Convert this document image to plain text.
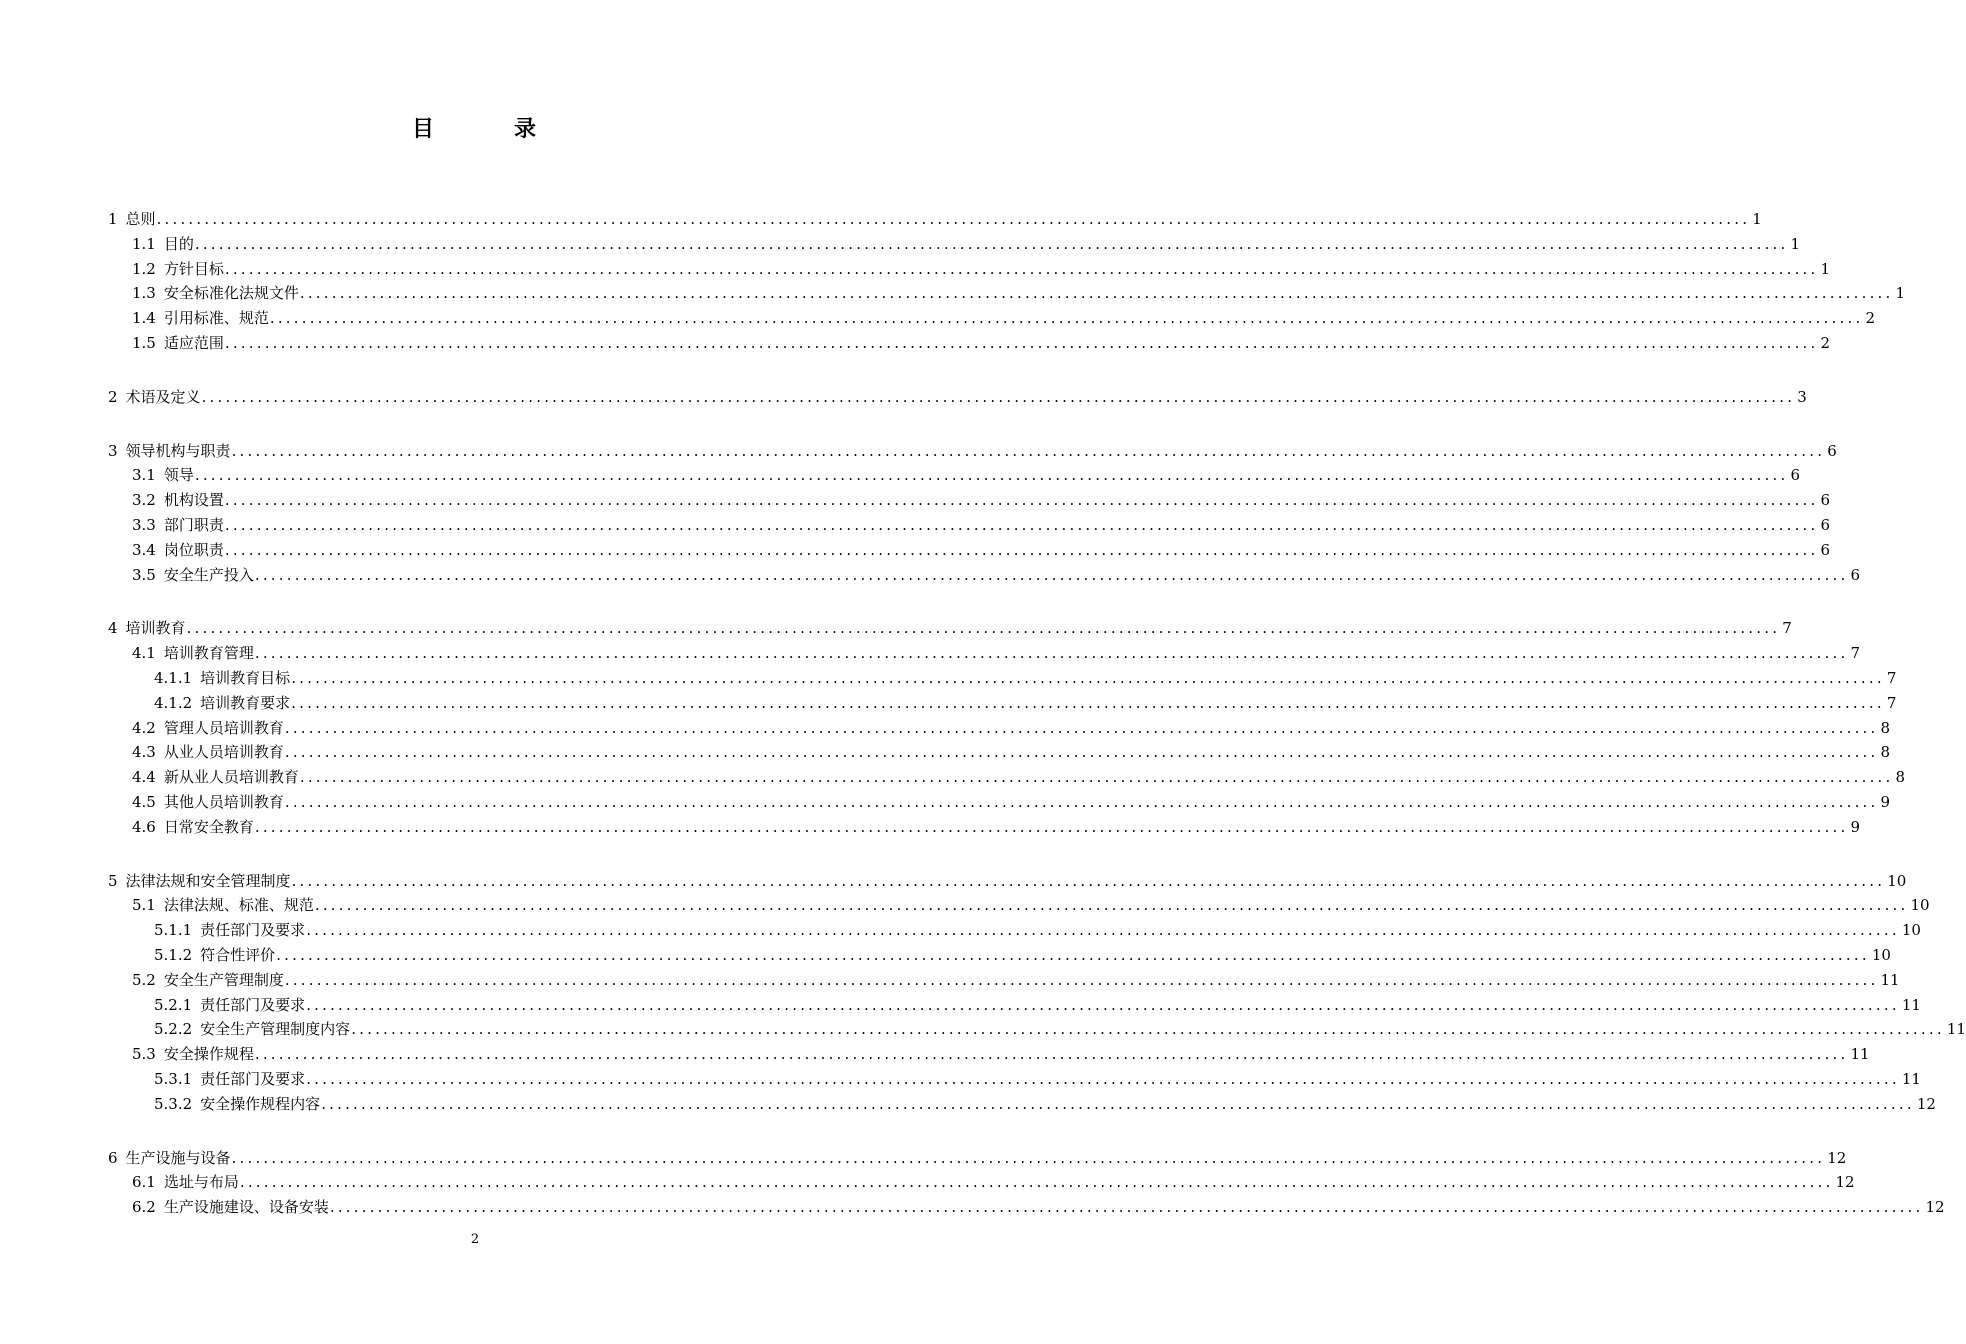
目	录
1 总则 ........................................................................................................................................................................................................ 1
1.1 目的 ........................................................................................................................................................................................................ 1
1.2 方针目标 ........................................................................................................................................................................................................ 1
1.3 安全标准化法规文件 ........................................................................................................................................................................................................ 1
1.4 引用标准、规范 ........................................................................................................................................................................................................ 2
1.5 适应范围 ........................................................................................................................................................................................................ 2
2 术语及定义 ........................................................................................................................................................................................................ 3
3 领导机构与职责 ........................................................................................................................................................................................................ 6
3.1 领导 ........................................................................................................................................................................................................ 6
3.2 机构设置 ........................................................................................................................................................................................................ 6
3.3 部门职责 ........................................................................................................................................................................................................ 6
3.4 岗位职责 ........................................................................................................................................................................................................ 6
3.5 安全生产投入 ........................................................................................................................................................................................................ 6
4 培训教育 ........................................................................................................................................................................................................ 7
4.1 培训教育管理 ........................................................................................................................................................................................................ 7
4.1.1 培训教育目标 ........................................................................................................................................................................................................ 7
4.1.2 培训教育要求 ........................................................................................................................................................................................................ 7
4.2 管理人员培训教育 ........................................................................................................................................................................................................ 8
4.3 从业人员培训教育 ........................................................................................................................................................................................................ 8
4.4 新从业人员培训教育 ........................................................................................................................................................................................................ 8
4.5 其他人员培训教育 ........................................................................................................................................................................................................ 9
4.6 日常安全教育 ........................................................................................................................................................................................................ 9
5 法律法规和安全管理制度 ........................................................................................................................................................................................................ 10
5.1 法律法规、标准、规范 ........................................................................................................................................................................................................ 10
5.1.1 责任部门及要求 ........................................................................................................................................................................................................ 10
5.1.2 符合性评价 ........................................................................................................................................................................................................ 10
5.2 安全生产管理制度 ........................................................................................................................................................................................................ 11
5.2.1 责任部门及要求 ........................................................................................................................................................................................................ 11
5.2.2 安全生产管理制度内容 ........................................................................................................................................................................................................ 11
5.3 安全操作规程 ........................................................................................................................................................................................................ 11
5.3.1 责任部门及要求 ........................................................................................................................................................................................................ 11
5.3.2 安全操作规程内容 ........................................................................................................................................................................................................ 12
6 生产设施与设备 ........................................................................................................................................................................................................ 12
6.1 选址与布局 ........................................................................................................................................................................................................ 12
6.2 生产设施建设、设备安装 ........................................................................................................................................................................................................ 12
2
